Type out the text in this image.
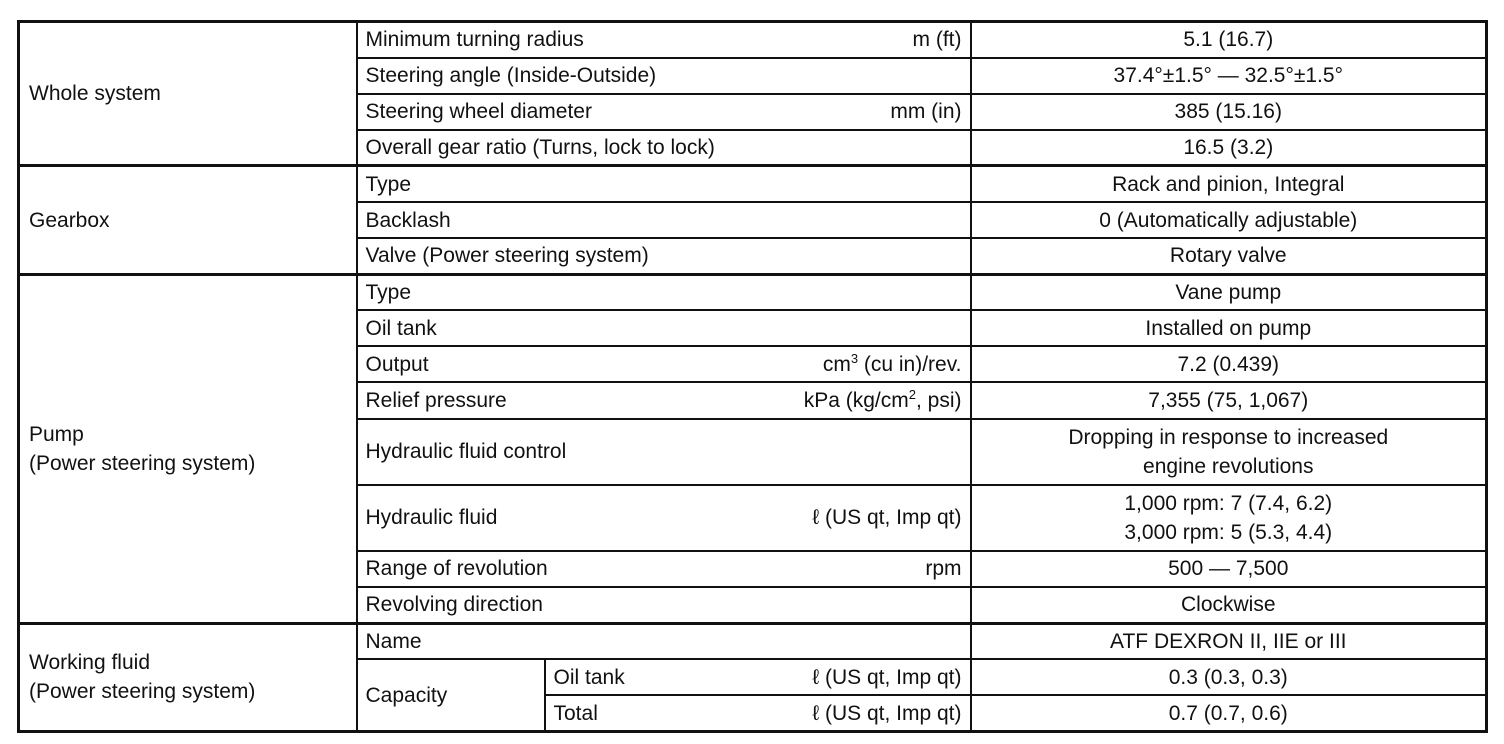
Whole system	Minimum turning radius m (ft)		5.1 (16.7)

	Steering angle (Inside-Outside)		37.4°±1.5° — 32.5°±1.5°

	Steering wheel diameter mm (in)		385 (15.16)

	Overall gear ratio (Turns, lock to lock)		16.5 (3.2)
Gearbox	Type		Rack and pinion, Integral

	Backlash		0 (Automatically adjustable)

	Valve (Power steering system)		Rotary valve

Pump
(Power steering system)	Type		Vane pump

	Oil tank		Installed on pump

	Output $cm^3$ (cu in)/rev.		7.2 (0.439)

	Relief pressure kPa ($kg/cm^2$, psi)		7,355 (75, 1,067)

	Hydraulic fluid control		Dropping in response to increased
engine revolutions

	Hydraulic fluid ℓ (US qt, Imp qt)		1,000 rpm: 7 (7.4, 6.2)
3,000 rpm: 5 (5.3, 4.4)

	Range of revolution rpm		500 — 7,500

	Revolving direction		Clockwise

Working fluid
(Power steering system)	Name		ATF DEXRON II, IIE or III
	Capacity	Oil tank ℓ (US qt, Imp qt)	0.3 (0.3, 0.3)

		Total ℓ (US qt, Imp qt)	0.7 (0.7, 0.6)
